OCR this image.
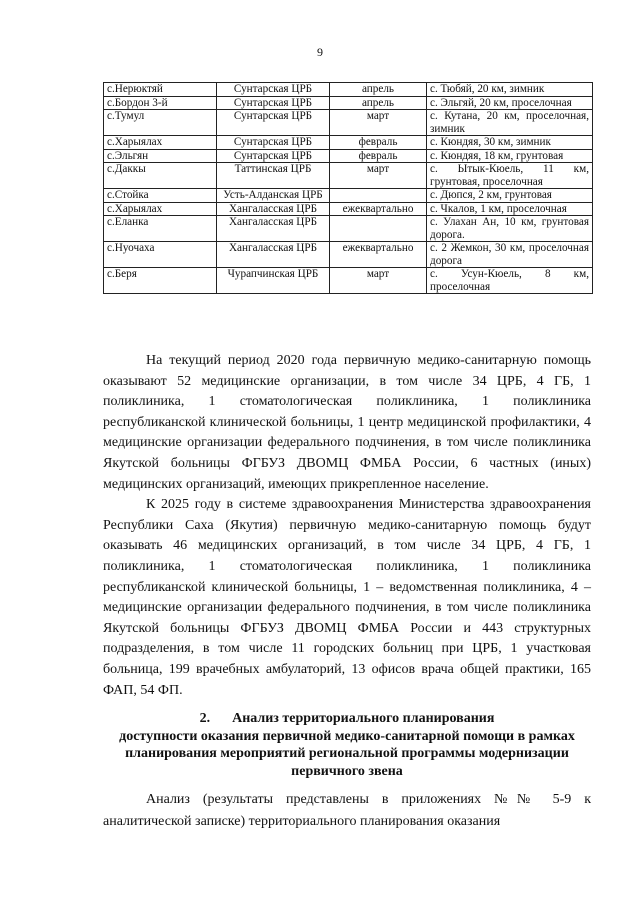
9
с.Нерюктяй	Сунтарская ЦРБ	апрель	с. Тюбяй, 20 км, зимник
с.Бордон 3-й	Сунтарская ЦРБ	апрель	с. Эльгяй, 20 км, проселочная
с.Тумул	Сунтарская ЦРБ	март	с. Кутана, 20 км, проселочная, зимник
с.Харыялах	Сунтарская ЦРБ	февраль	с. Кюндяя, 30 км, зимник
с.Эльгян	Сунтарская ЦРБ	февраль	с. Кюндяя, 18 км, грунтовая
с.Даккы	Таттинская ЦРБ	март	с. Ытык-Кюель, 11 км, грунтовая, проселочная
с.Стойка	Усть-Алданская ЦРБ		с. Дюпся, 2 км, грунтовая
с.Харыялах	Хангаласская ЦРБ	ежеквартально	с. Чкалов, 1 км, проселочная
с.Еланка	Хангаласская ЦРБ		с. Улахан Ан, 10 км, грунтовая дорога.
с.Нуочаха	Хангаласская ЦРБ	ежеквартально	с. 2 Жемкон, 30 км, проселочная дорога
с.Беря	Чурапчинская ЦРБ	март	с. Усун-Кюель, 8 км, проселочная

На текущий период 2020 года первичную медико-санитарную помощь оказывают 52 медицинские организации, в том числе 34 ЦРБ, 4 ГБ, 1 поликлиника, 1 стоматологическая поликлиника, 1 поликлиника республиканской клинической больницы, 1 центр медицинской профилактики, 4 медицинские организации федерального подчинения, в том числе поликлиника Якутской больницы ФГБУЗ ДВОМЦ ФМБА России, 6 частных (иных) медицинских организаций, имеющих прикрепленное население.

К 2025 году в системе здравоохранения Министерства здравоохранения Республики Саха (Якутия) первичную медико-санитарную помощь будут оказывать 46 медицинских организаций, в том числе 34 ЦРБ, 4 ГБ, 1 поликлиника, 1 стоматологическая поликлиника, 1 поликлиника республиканской клинической больницы, 1 – ведомственная поликлиника, 4 – медицинские организации федерального подчинения, в том числе поликлиника Якутской больницы ФГБУЗ ДВОМЦ ФМБА России и 443 структурных подразделения, в том числе 11 городских больниц при ЦРБ, 1 участковая больница, 199 врачебных амбулаторий, 13 офисов врача общей практики, 165 ФАП, 54 ФП.

2. Анализ территориального планирования
доступности оказания первичной медико-санитарной помощи в рамках планирования мероприятий региональной программы модернизации первичного звена

Анализ (результаты представлены в приложениях №№ 5-9 к аналитической записке) территориального планирования оказания
